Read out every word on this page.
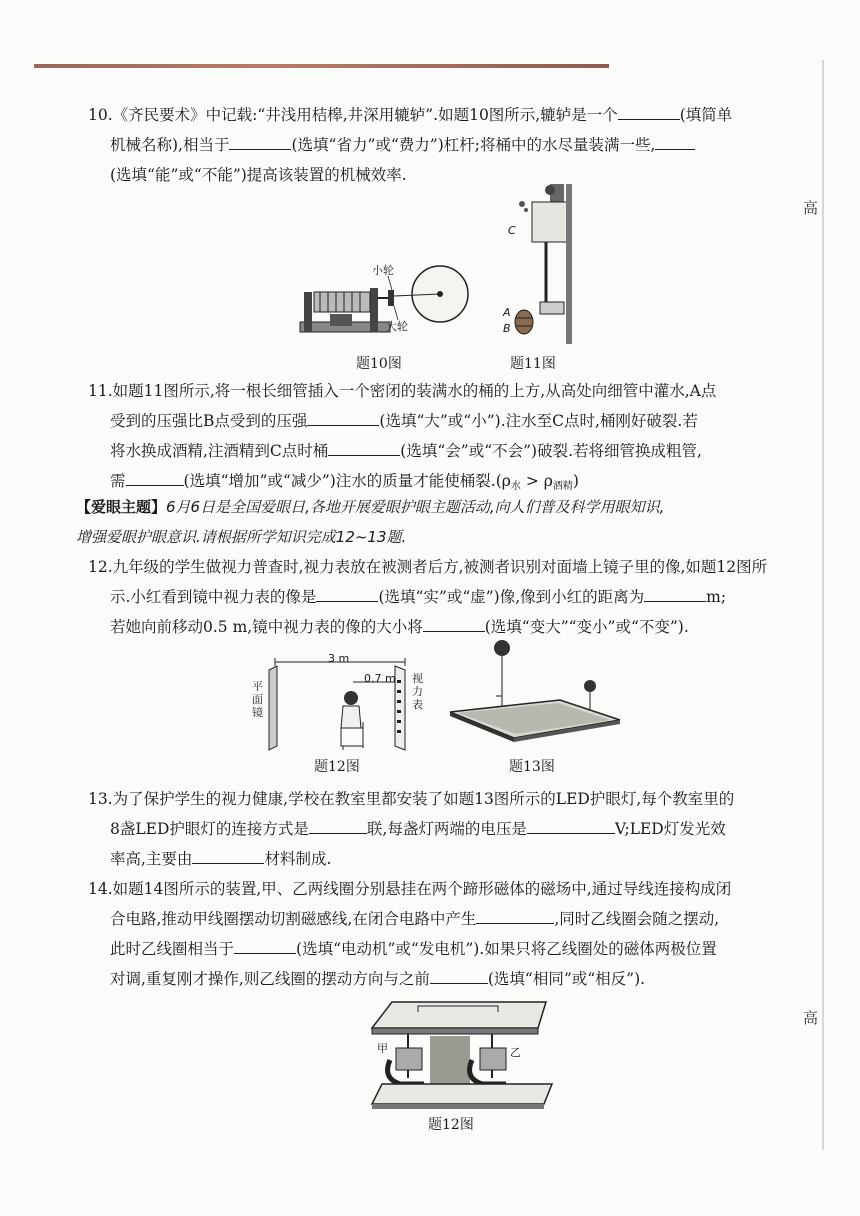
高
高

10.《齐民要术》中记载:“井浅用桔槔,井深用辘轳”.如题10图所示,辘轳是一个	(填简单

机械名称),相当于	(选填“省力”或“费力”)杠杆;将桶中的水尽量装满一些,

(选填“能”或“不能”)提高该装置的机械效率.

小轮
大轮
题10图
C
A
B
题11图

11.如题11图所示,将一根长细管插入一个密闭的装满水的桶的上方,从高处向细管中灌水,A点

受到的压强比B点受到的压强	(选填“大”或“小”).注水至C点时,桶刚好破裂.若

将水换成酒精,注酒精到C点时桶	(选填“会”或“不会”)破裂.若将细管换成粗管,

需	(选填“增加”或“减少”)注水的质量才能使桶裂$.(\rho_水 > \rho_{酒精})$

【爱眼主题】6月6日是全国爱眼日,各地开展爱眼护眼主题活动,向人们普及科学用眼知识,
增强爱眼护眼意识.请根据所学知识完成12~13题.

12.九年级的学生做视力普查时,视力表放在被测者后方,被测者识别对面墙上镜子里的像,如题12图所

示.小红看到镜中视力表的像是	(选填“实”或“虚”)像,像到小红的距离为	m;

若她向前移动0.5 m,镜中视力表的像的大小将	(选填“变大”“变小”或“不变”).

3 m
0.7 m
平面镜
视力表
题12图	题13图

13.为了保护学生的视力健康,学校在教室里都安装了如题13图所示的LED护眼灯,每个教室里的

8盏LED护眼灯的连接方式是	联,每盏灯两端的电压是	V;LED灯发光效

率高,主要由	材料制成.

14.如题14图所示的装置,甲、乙两线圈分别悬挂在两个蹄形磁体的磁场中,通过导线连接构成闭

合电路,推动甲线圈摆动切割磁感线,在闭合电路中产生	,同时乙线圈会随之摆动,

此时乙线圈相当于	(选填“电动机”或“发电机”).如果只将乙线圈处的磁体两极位置

对调,重复刚才操作,则乙线圈的摆动方向与之前	(选填“相同”或“相反”).

甲	乙
题12图
